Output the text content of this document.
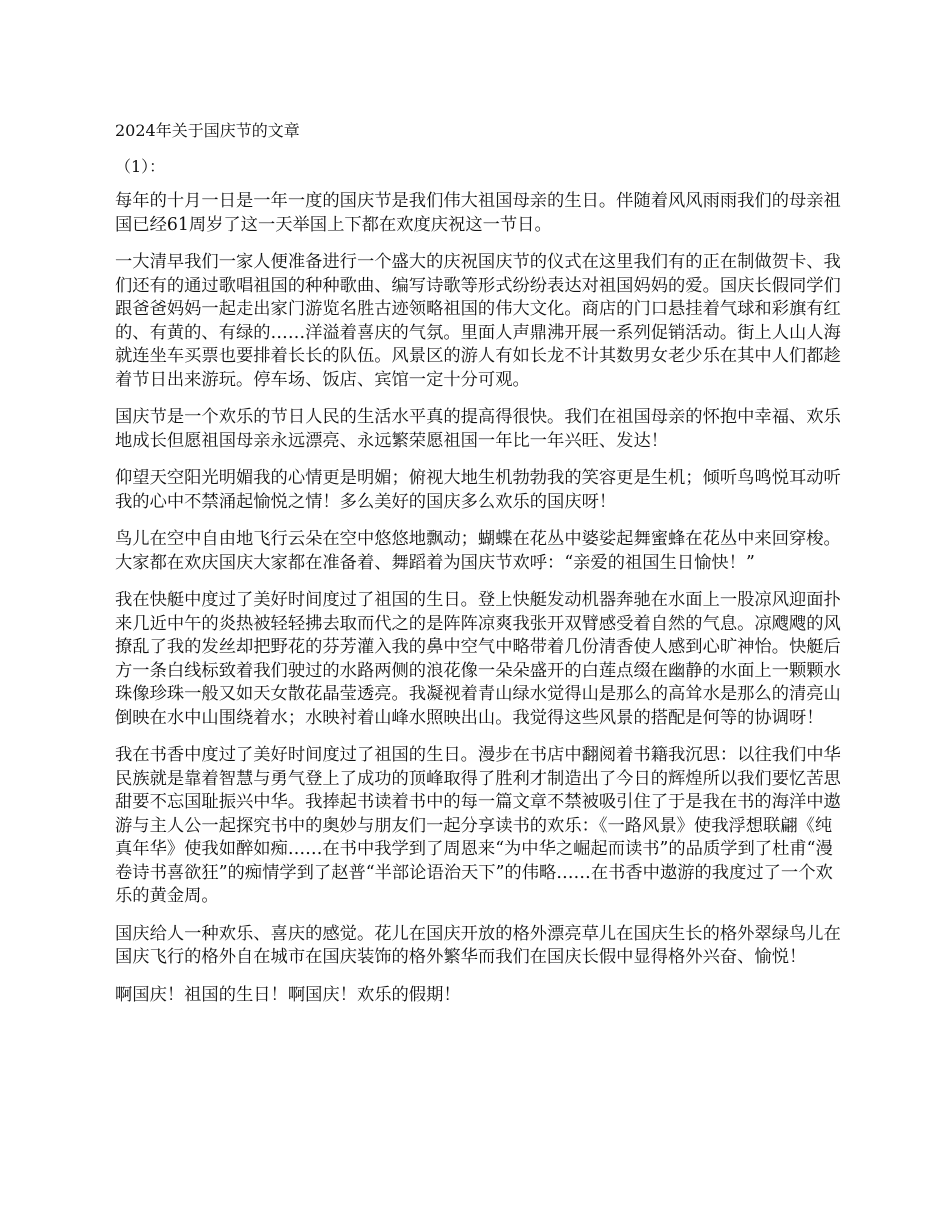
2024年关于国庆节的文章
（1）：

每年的十月一日是一年一度的国庆节是我们伟大祖国母亲的生日。伴随着风风雨雨我们的母亲祖国已经61周岁了这一天举国上下都在欢度庆祝这一节日。

一大清早我们一家人便准备进行一个盛大的庆祝国庆节的仪式在这里我们有的正在制做贺卡、我们还有的通过歌唱祖国的种种歌曲、编写诗歌等形式纷纷表达对祖国妈妈的爱。国庆长假同学们跟爸爸妈妈一起走出家门游览名胜古迹领略祖国的伟大文化。商店的门口悬挂着气球和彩旗有红的、有黄的、有绿的……洋溢着喜庆的气氛。里面人声鼎沸开展一系列促销活动。街上人山人海就连坐车买票也要排着长长的队伍。风景区的游人有如长龙不计其数男女老少乐在其中人们都趁着节日出来游玩。停车场、饭店、宾馆一定十分可观。

国庆节是一个欢乐的节日人民的生活水平真的提高得很快。我们在祖国母亲的怀抱中幸福、欢乐地成长但愿祖国母亲永远漂亮、永远繁荣愿祖国一年比一年兴旺、发达！

仰望天空阳光明媚我的心情更是明媚；俯视大地生机勃勃我的笑容更是生机；倾听鸟鸣悦耳动听我的心中不禁涌起愉悦之情！多么美好的国庆多么欢乐的国庆呀！

鸟儿在空中自由地飞行云朵在空中悠悠地飘动；蝴蝶在花丛中婆娑起舞蜜蜂在花丛中来回穿梭。大家都在欢庆国庆大家都在准备着、舞蹈着为国庆节欢呼：“亲爱的祖国生日愉快！”

我在快艇中度过了美好时间度过了祖国的生日。登上快艇发动机器奔驰在水面上一股凉风迎面扑来几近中午的炎热被轻轻拂去取而代之的是阵阵凉爽我张开双臂感受着自然的气息。凉飕飕的风撩乱了我的发丝却把野花的芬芳灌入我的鼻中空气中略带着几份清香使人感到心旷神怡。快艇后方一条白线标致着我们驶过的水路两侧的浪花像一朵朵盛开的白莲点缀在幽静的水面上一颗颗水珠像珍珠一般又如天女散花晶莹透亮。我凝视着青山绿水觉得山是那么的高耸水是那么的清亮山倒映在水中山围绕着水；水映衬着山峰水照映出山。我觉得这些风景的搭配是何等的协调呀！

我在书香中度过了美好时间度过了祖国的生日。漫步在书店中翻阅着书籍我沉思：以往我们中华民族就是靠着智慧与勇气登上了成功的顶峰取得了胜利才制造出了今日的辉煌所以我们要忆苦思甜要不忘国耻振兴中华。我捧起书读着书中的每一篇文章不禁被吸引住了于是我在书的海洋中遨游与主人公一起探究书中的奥妙与朋友们一起分享读书的欢乐：《一路风景》使我浮想联翩《纯真年华》使我如醉如痴……在书中我学到了周恩来“为中华之崛起而读书”的品质学到了杜甫“漫卷诗书喜欲狂”的痴情学到了赵普“半部论语治天下”的伟略……在书香中遨游的我度过了一个欢乐的黄金周。

国庆给人一种欢乐、喜庆的感觉。花儿在国庆开放的格外漂亮草儿在国庆生长的格外翠绿鸟儿在国庆飞行的格外自在城市在国庆装饰的格外繁华而我们在国庆长假中显得格外兴奋、愉悦！

啊国庆！祖国的生日！啊国庆！欢乐的假期！
